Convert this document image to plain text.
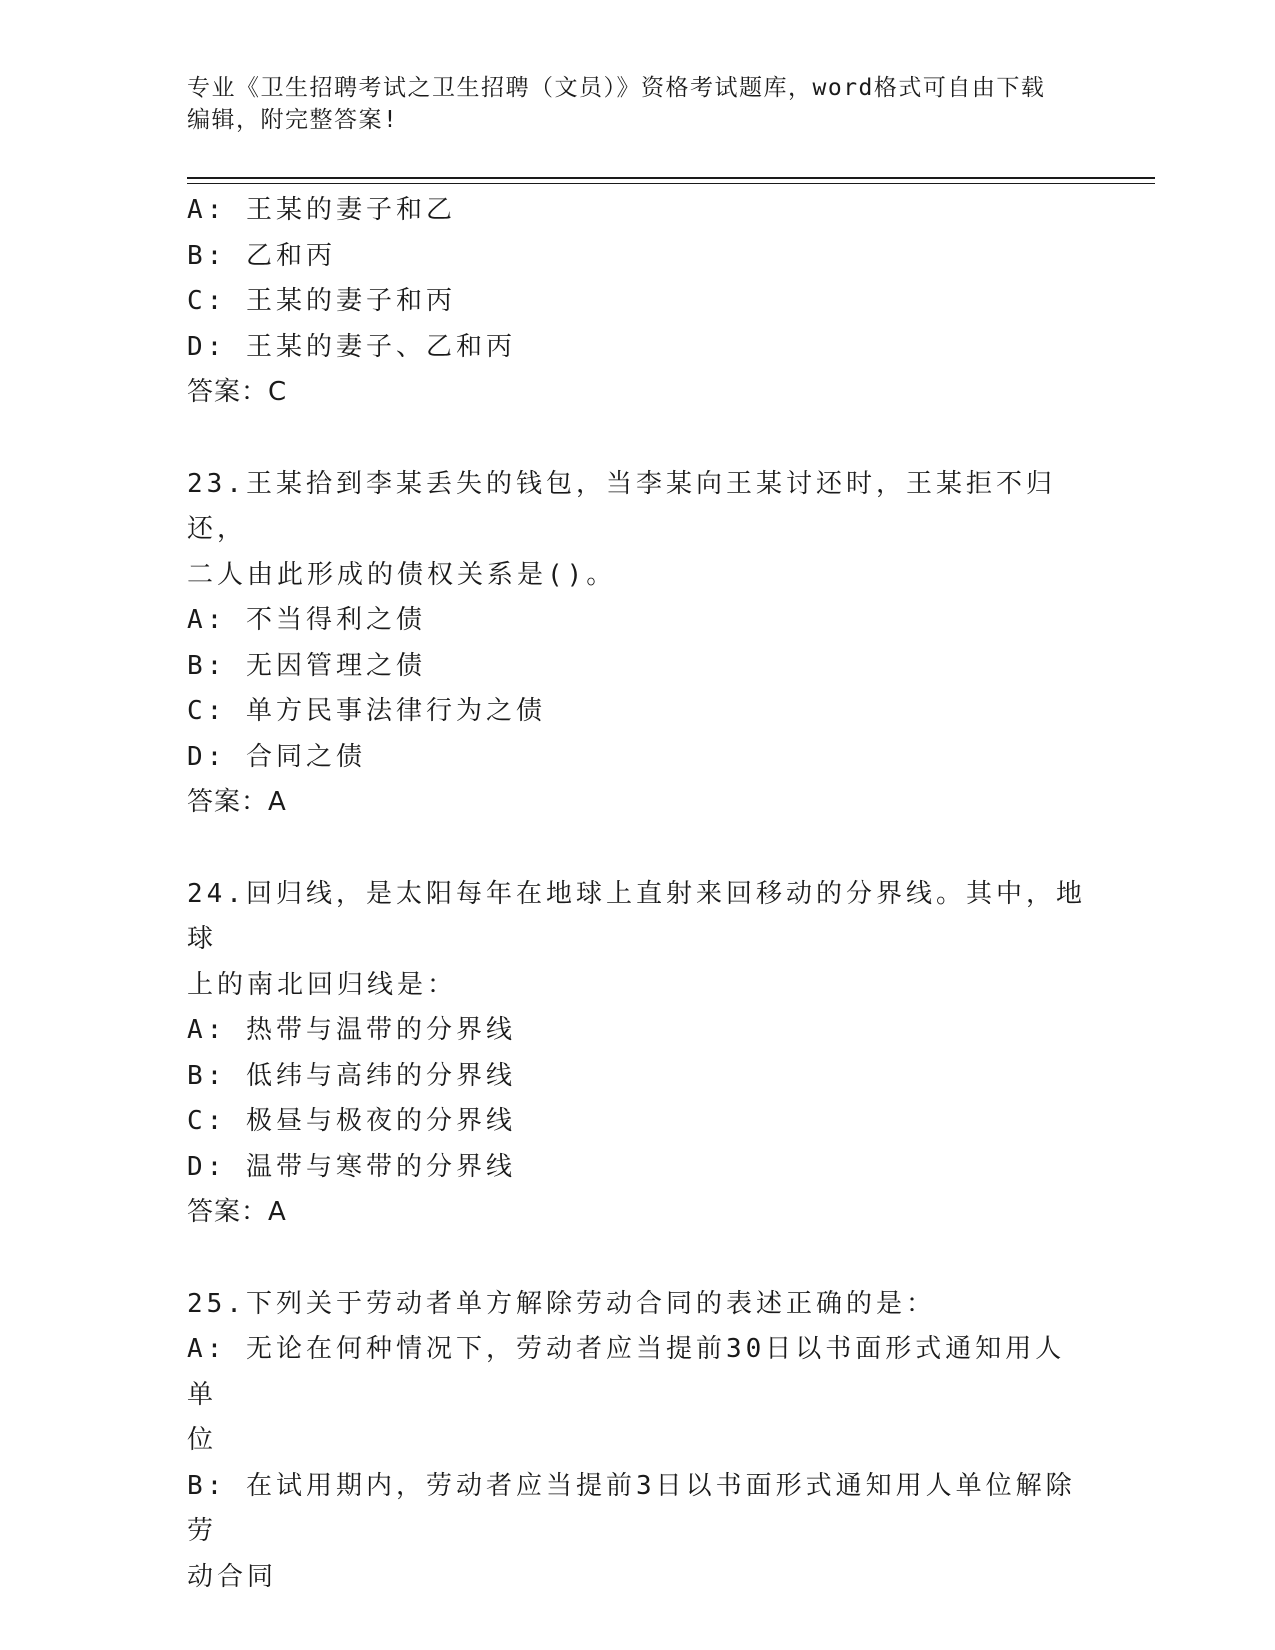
专业《卫生招聘考试之卫生招聘（文员）》资格考试题库，word格式可自由下载
编辑，附完整答案!
A: 王某的妻子和乙
B: 乙和丙
C: 王某的妻子和丙
D: 王某的妻子、乙和丙
答案：C
23.王某拾到李某丢失的钱包，当李某向王某讨还时，王某拒不归还，
二人由此形成的债权关系是()。
A: 不当得利之债
B: 无因管理之债
C: 单方民事法律行为之债
D: 合同之债
答案：A
24.回归线，是太阳每年在地球上直射来回移动的分界线。其中，地球
上的南北回归线是：
A: 热带与温带的分界线
B: 低纬与高纬的分界线
C: 极昼与极夜的分界线
D: 温带与寒带的分界线
答案：A
25.下列关于劳动者单方解除劳动合同的表述正确的是：
A: 无论在何种情况下，劳动者应当提前30日以书面形式通知用人单
位
B: 在试用期内，劳动者应当提前3日以书面形式通知用人单位解除劳
动合同
